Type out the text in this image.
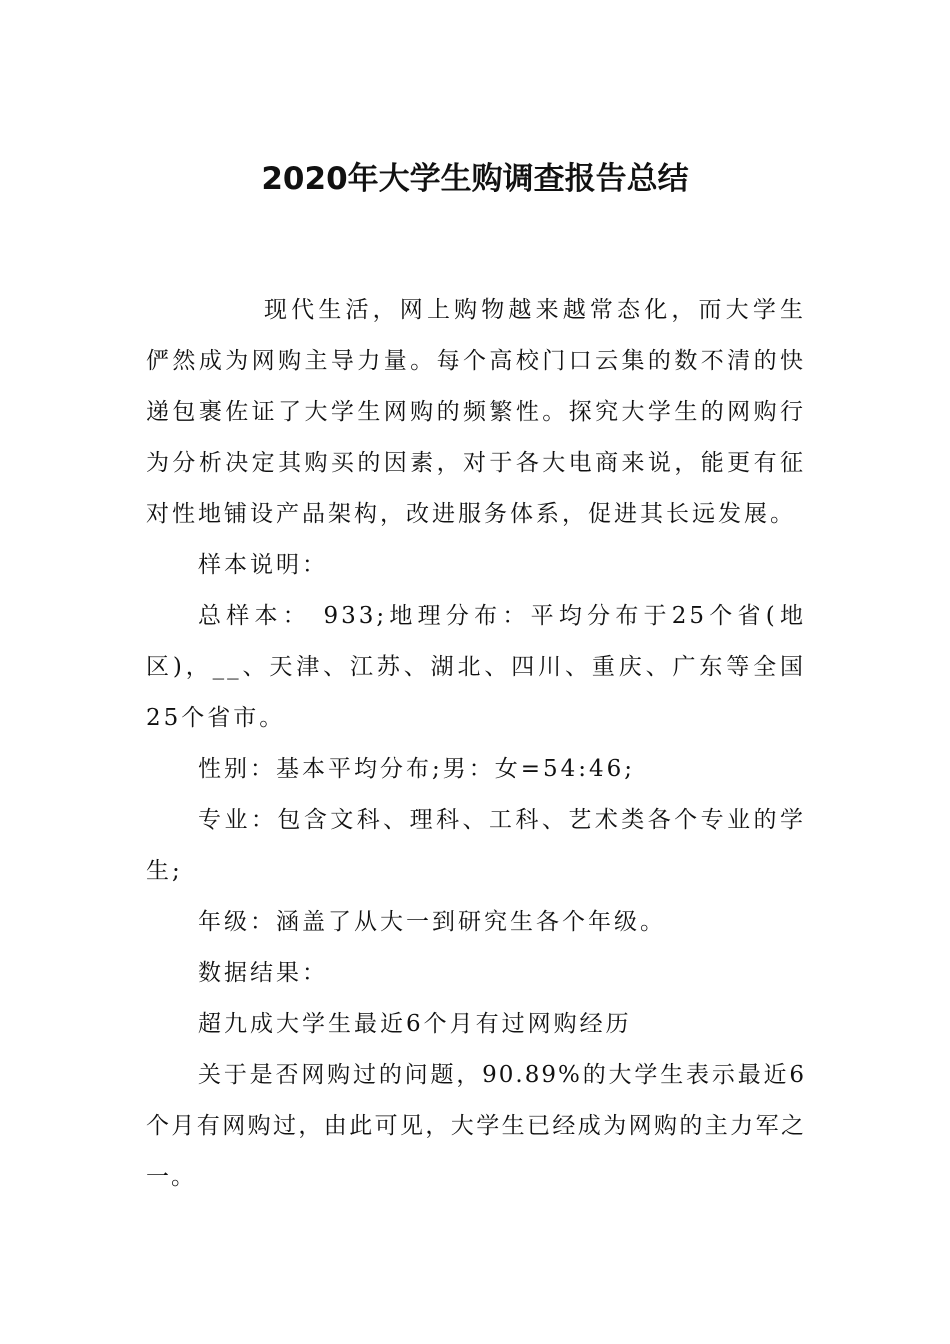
2020年大学生购调查报告总结

现代生活，网上购物越来越常态化，而大学生俨然成为网购主导力量。每个高校门口云集的数不清的快递包裹佐证了大学生网购的频繁性。探究大学生的网购行为分析决定其购买的因素，对于各大电商来说，能更有征对性地铺设产品架构，改进服务体系，促进其长远发展。

样本说明：

总样本： 933;地理分布：平均分布于25个省(地区)，__、天津、江苏、湖北、四川、重庆、广东等全国25个省市。

性别：基本平均分布;男：女=54:46;

专业：包含文科、理科、工科、艺术类各个专业的学生;

年级：涵盖了从大一到研究生各个年级。

数据结果：

超九成大学生最近6个月有过网购经历

关于是否网购过的问题，90.89%的大学生表示最近6个月有网购过，由此可见，大学生已经成为网购的主力军之一。
